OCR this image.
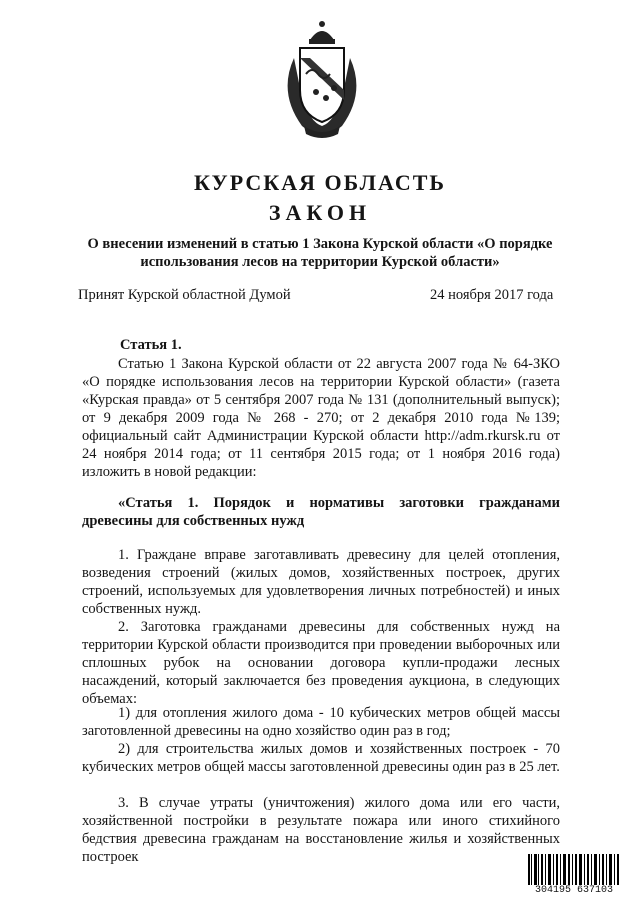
КУРСКАЯ ОБЛАСТЬ
ЗАКОН
О внесении изменений в статью 1 Закона Курской области «О порядке использования лесов на территории Курской области»
Принят Курской областной Думой	24 ноября 2017 года
Статья 1.

Статью 1 Закона Курской области от 22 августа 2007 года № 64-ЗКО «О порядке использования лесов на территории Курской области» (газета «Курская правда» от 5 сентября 2007 года № 131 (дополнительный выпуск); от 9 декабря 2009 года № 268 - 270; от 2 декабря 2010 года №139; официальный сайт Администрации Курской области http://adm.rkursk.ru от 24 ноября 2014 года; от 11 сентября 2015 года; от 1 ноября 2016 года) изложить в новой редакции:

«Статья 1. Порядок и нормативы заготовки гражданами древесины для собственных нужд

1. Граждане вправе заготавливать древесину для целей отопления, возведения строений (жилых домов, хозяйственных построек, других строений, используемых для удовлетворения личных потребностей) и иных собственных нужд.

2. Заготовка гражданами древесины для собственных нужд на территории Курской области производится при проведении выборочных или сплошных рубок на основании договора купли-продажи лесных насаждений, который заключается без проведения аукциона, в следующих объемах:

1) для отопления жилого дома - 10 кубических метров общей массы заготовленной древесины на одно хозяйство один раз в год;

2) для строительства жилых домов и хозяйственных построек - 70 кубических метров общей массы заготовленной древесины один раз в 25 лет.

3. В случае утраты (уничтожения) жилого дома или его части, хозяйственной постройки в результате пожара или иного стихийного бедствия древесина гражданам на восстановление жилья и хозяйственных построек

304195 637103
